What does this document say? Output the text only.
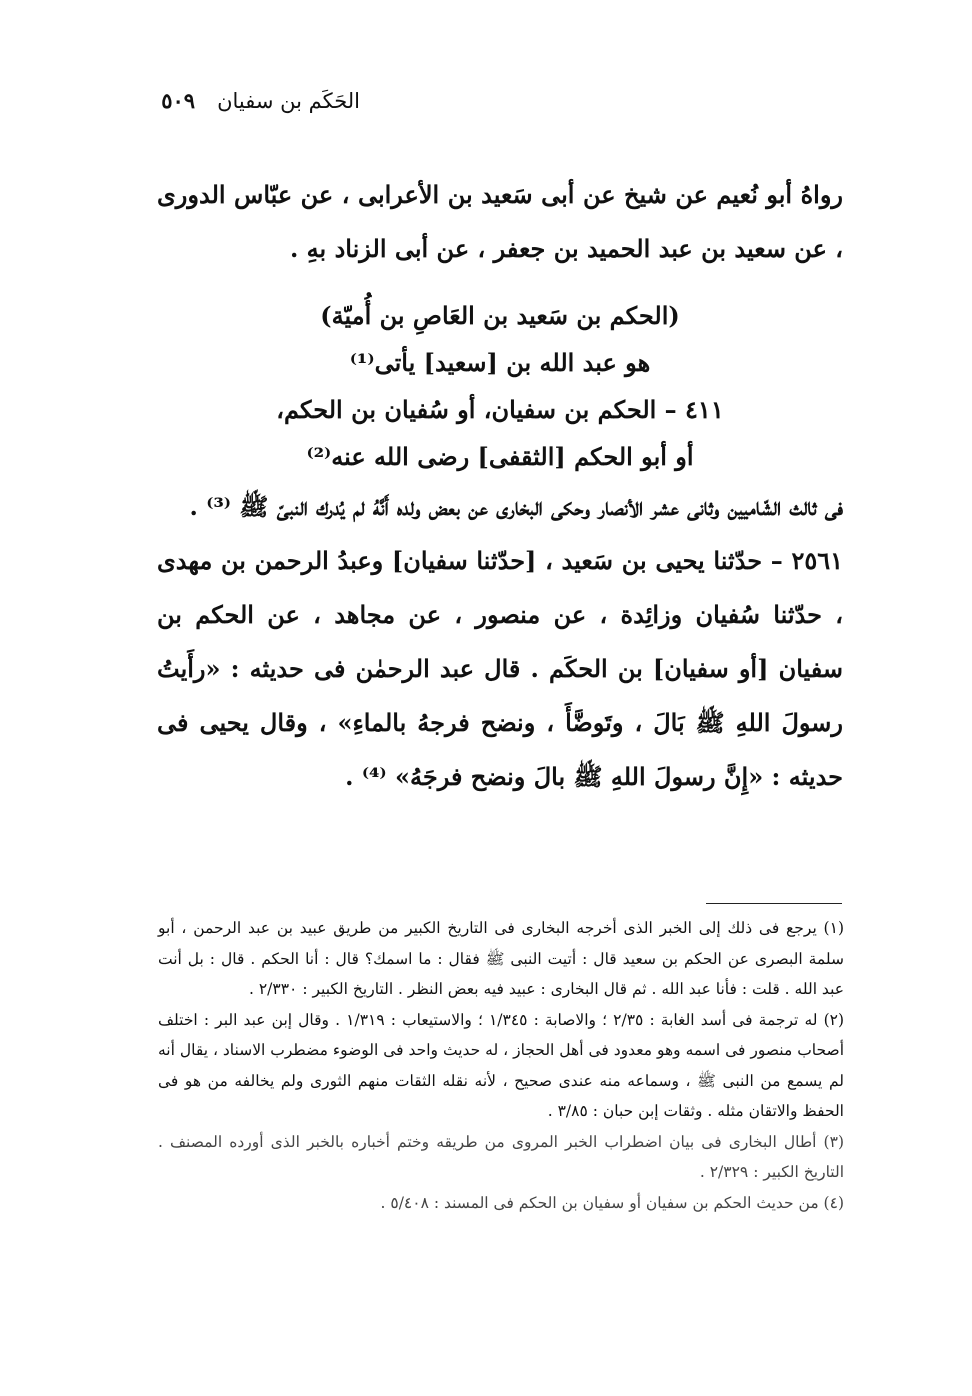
الحَكَم بن سفيان
٥٠٩

رواهُ أبو نُعيم عن شيخ عن أبى سَعيد بن الأعرابى ، عن عبّاس الدورى ، عن سعيد بن عبد الحميد بن جعفر ، عن أبى الزناد بهِ .

(الحكم بن سَعيد بن العَاصِ بن أُميّة)
هو عبد الله بن [سعيد] يأتى⁽¹⁾
٤١١ – الحكم بن سفيان، أو سُفيان بن الحكم،
أو أبو الحكم [الثقفى] رضى الله عنه⁽²⁾

فى ثالث الشّاميين وثانى عشر الأنصار وحكى البخارى عن بعض ولده أَنَّهُ لم يُدرك النبىّ ﷺ ⁽³⁾ .

٢٥٦١ – حدّثنا يحيى بن سَعيد ، [حدّثنا سفيان] وعبدُ الرحمن بن مهدى ، حدّثنا سُفيان وزائِدة ، عن منصور ، عن مجاهد ، عن الحكم بن سفيان [أو سفيان] بن الحكَم . قال عبد الرحمٰن فى حديثه : «رأَيتُ رسولَ اللهِ ﷺ بَالَ ، وتَوضَّأَ ، ونضح فرجهُ بالماءِ» ، وقال يحيى فى حديثه : «إِنَّ رسولَ اللهِ ﷺ بالَ ونضح فرجَهُ» ⁽⁴⁾ .

(١) يرجع فى ذلك إلى الخبر الذى أخرجه البخارى فى التاريخ الكبير من طريق عبيد بن عبد الرحمن ، أبو سلمة البصرى عن الحكم بن سعيد قال : أتيت النبى ﷺ فقال : ما اسمك؟ قال : أنا الحكم . قال : بل أنت عبد الله . قلت : فأنا عبد الله . ثم قال البخارى : عبيد فيه بعض النظر . التاريخ الكبير : ٢/٣٣٠ .

(٢) له ترجمة فى أسد الغابة : ٢/٣٥ ؛ والاصابة : ١/٣٤٥ ؛ والاستيعاب : ١/٣١٩ . وقال إبن عبد البر : اختلف أصحاب منصور فى اسمه وهو معدود فى أهل الحجاز ، له حديث واحد فى الوضوء مضطرب الاسناد ، يقال أنه لم يسمع من النبى ﷺ ، وسماعه منه عندى صحيح ، لأنه نقله الثقات منهم الثورى ولم يخالفه من هو فى الحفظ والاتقان مثله . وثقات إبن حبان : ٣/٨٥ .

(٣) أطال البخارى فى بيان اضطراب الخبر المروى من طريقه وختم أخباره بالخبر الذى أورده المصنف . التاريخ الكبير : ٢/٣٢٩ .

(٤) من حديث الحكم بن سفيان أو سفيان بن الحكم فى المسند : ٥/٤٠٨ .
